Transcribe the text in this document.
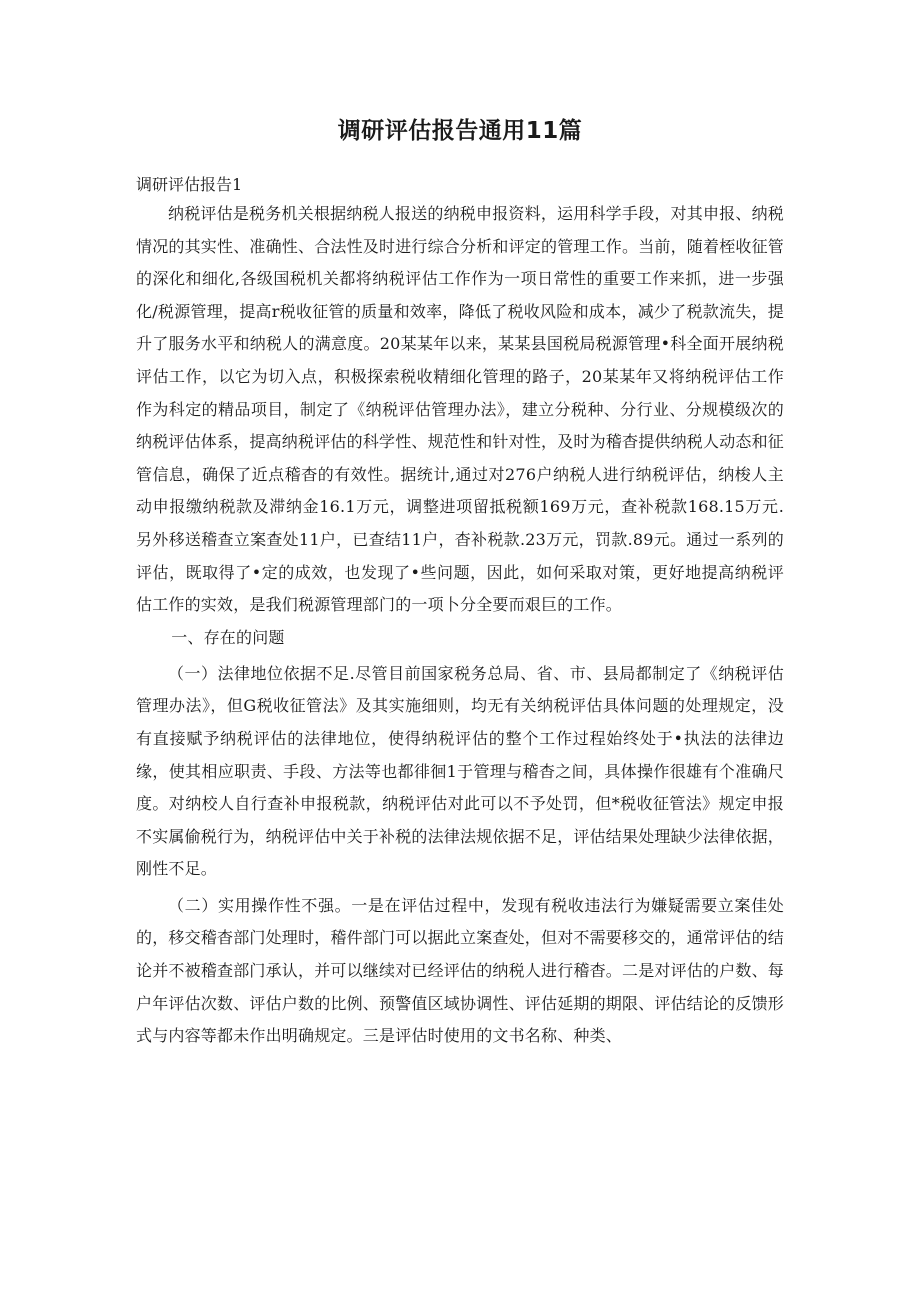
调研评估报告通用11篇
调研评估报告1

纳税评估是税务机关根据纳税人报送的纳税申报资料，运用科学手段，对其申报、纳税情况的其实性、准确性、合法性及时进行综合分析和评定的管理工作。当前，随着桎收征管的深化和细化,各级国税机关都将纳税评估工作作为一项日常性的重要工作来抓，进一步强化/税源管理，提高r税收征管的质量和效率，降低了税收风险和成本，减少了税款流失，提升了服务水平和纳税人的满意度。20某某年以来，某某县国税局税源管理•科全面开展纳税评估工作，以它为切入点，积极探索税收精细化管理的路子，20某某年又将纳税评估工作作为科定的精品项目，制定了《纳税评估管理办法》，建立分税种、分行业、分规模级次的纳税评估体系，提高纳税评估的科学性、规范性和针对性，及时为稽杳提供纳税人动态和征管信息，确保了近点稽杳的有效性。据统计,通过对276户纳税人进行纳税评估，纳梭人主动申报缴纳税款及滞纳金16.1万元，调整进项留抵税额169万元，查补税款168.15万元.另外移送稽查立案查处11户，已查结11户，杳补税款.23万元，罚款.89元。通过一系列的评估，既取得了•定的成效，也发现了•些问题，因此，如何采取对策，更好地提高纳税评估工作的实效，是我们税源管理部门的一项卜分全要而艰巨的工作。

一、存在的问题

（一）法律地位依据不足.尽管目前国家税务总局、省、市、县局都制定了《纳税评估管理办法》，但G税收征管法》及其实施细则，均无有关纳税评估具体问题的处理规定，没有直接赋予纳税评估的法律地位，使得纳税评估的整个工作过程始终处于•执法的法律边缘，使其相应职责、手段、方法等也都徘徊1于管理与稽杳之间，具体操作很雄有个准确尺度。对纳校人自行查补申报税款，纳税评估对此可以不予处罚，但*税收征管法》规定申报不实属偷税行为，纳税评估中关于补税的法律法规依据不足，评估结果处理缺少法律依据，刚性不足。

（二）实用操作性不强。一是在评估过程中，发现有税收违法行为嫌疑需要立案佳处的，移交稽杳部门处理时，稽件部门可以据此立案查处，但对不需要移交的，通常评估的结论并不被稽查部门承认，并可以继续对已经评估的纳税人进行稽杳。二是对评估的户数、每户年评估次数、评估户数的比例、预警值区域协调性、评估延期的期限、评估结论的反馈形式与内容等都未作出明确规定。三是评估时使用的文书名称、种类、
